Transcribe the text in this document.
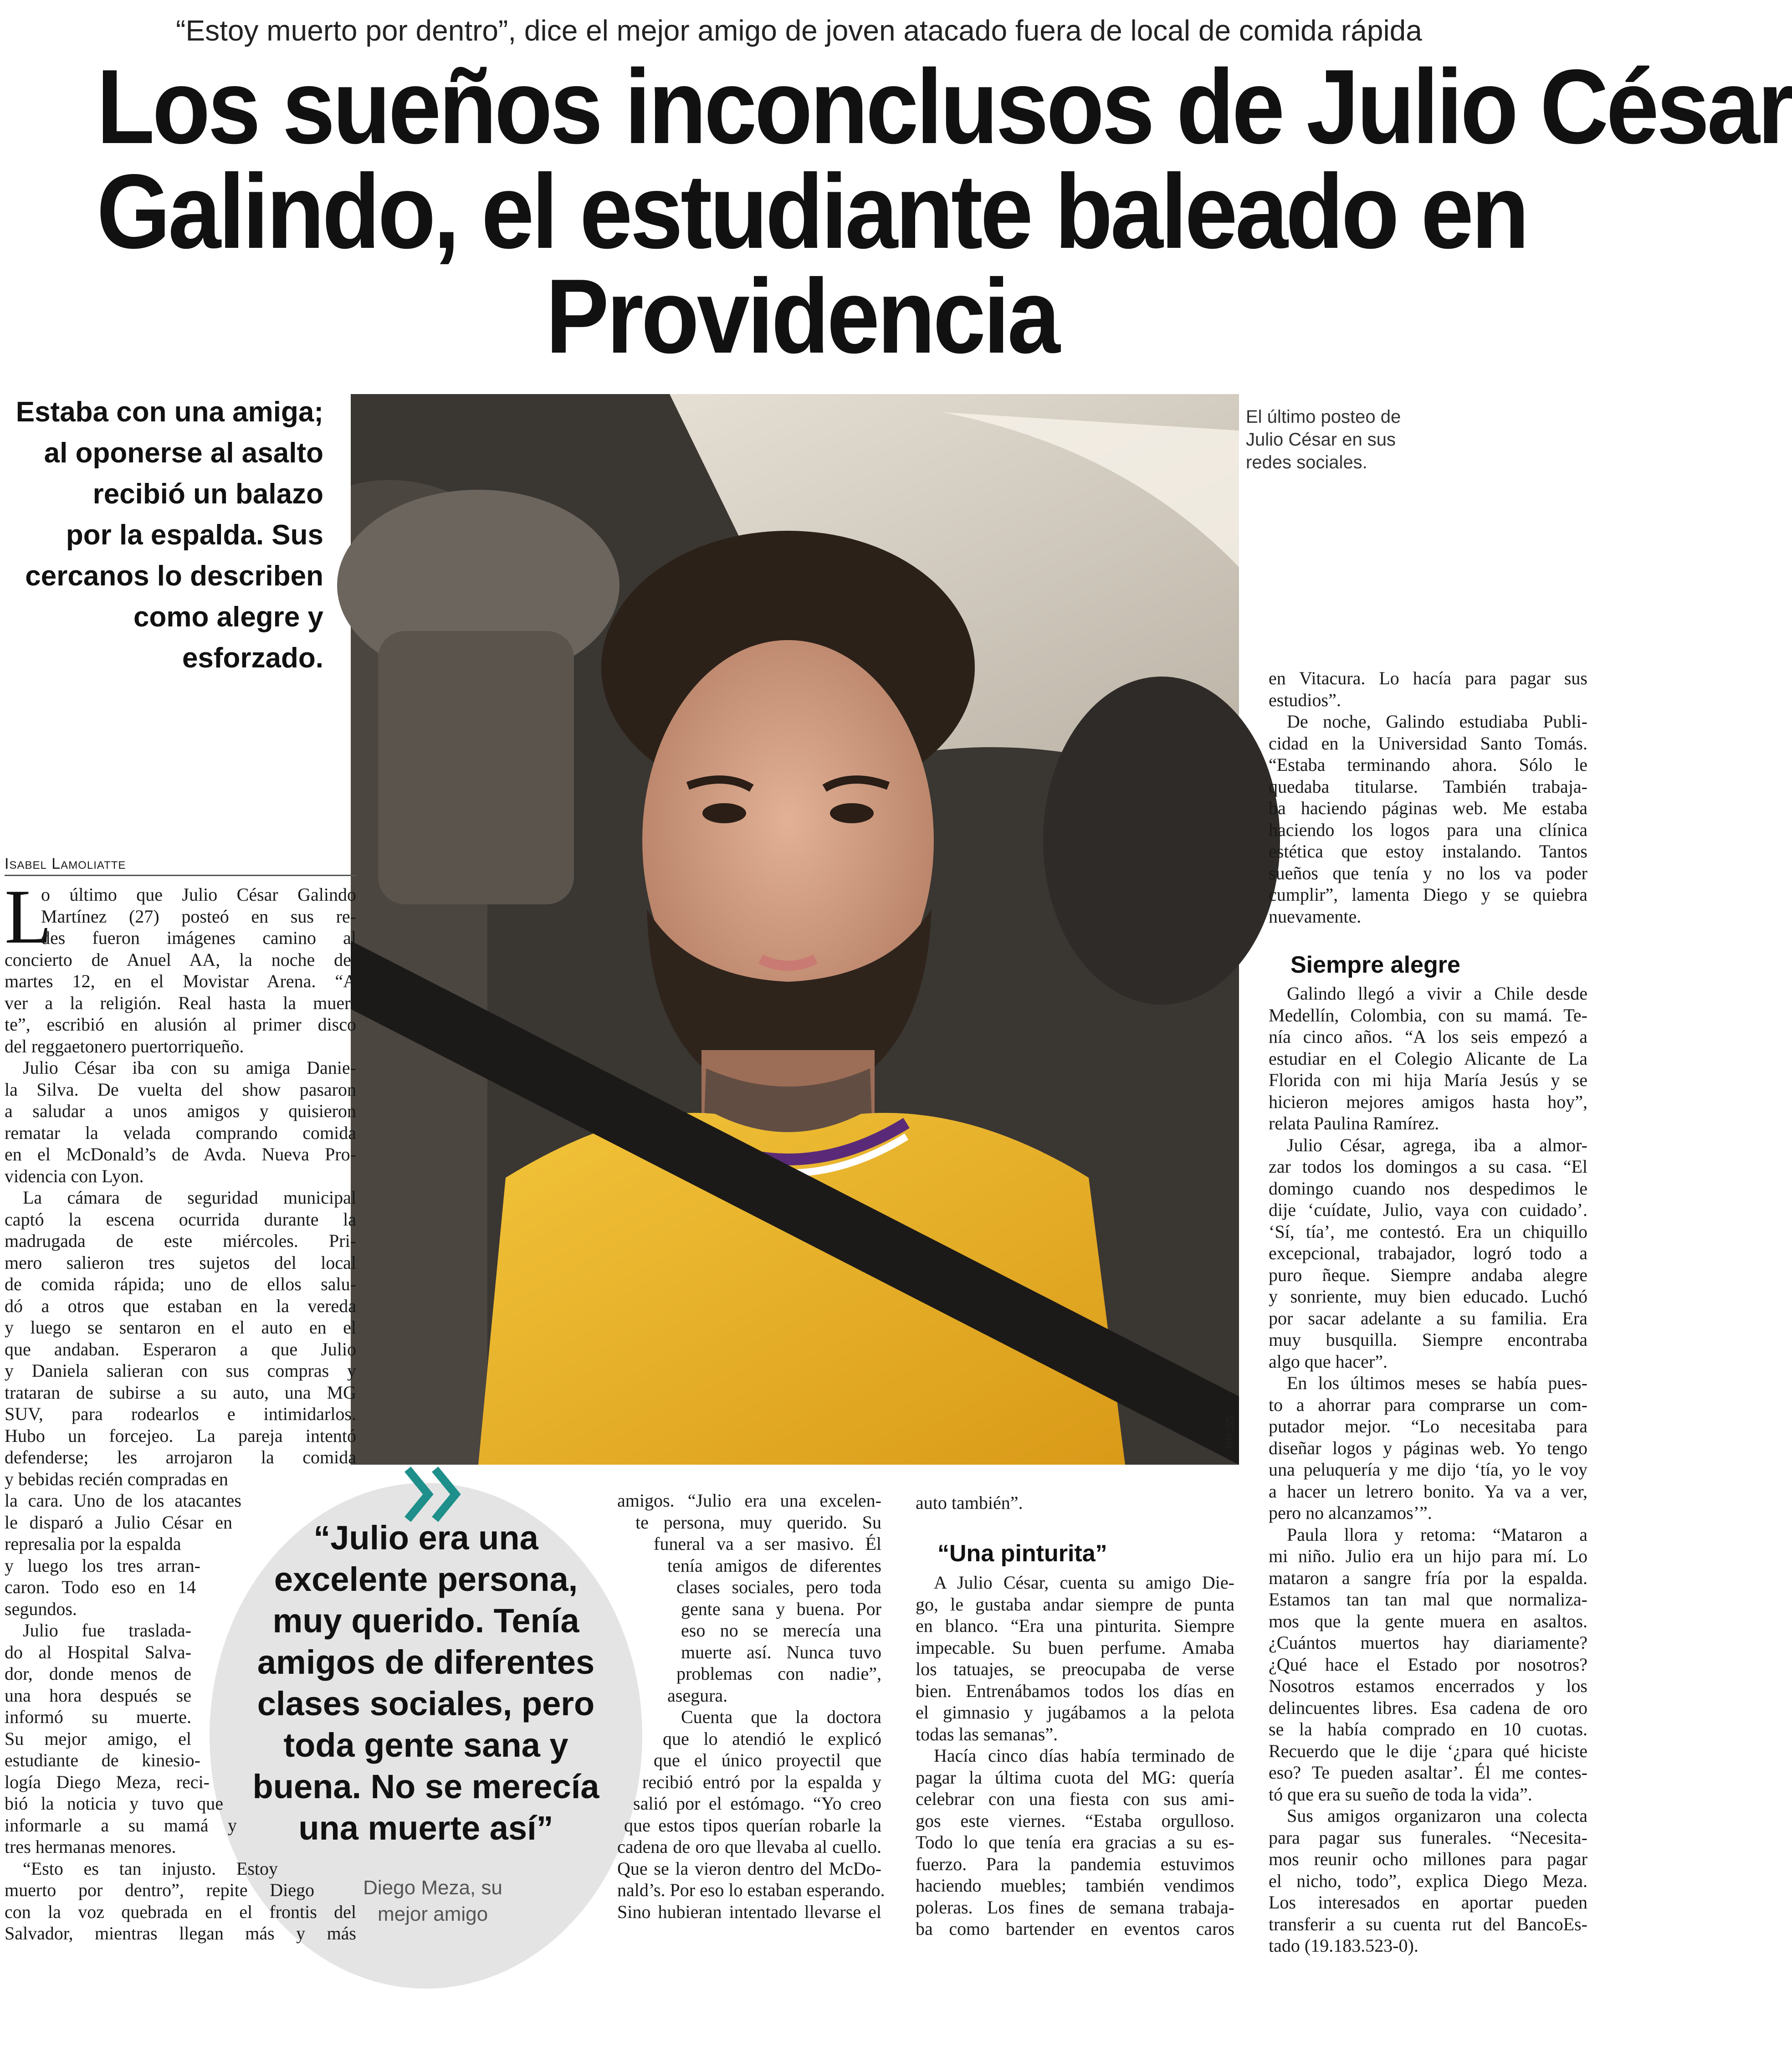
“Estoy muerto por dentro”, dice el mejor amigo de joven atacado fuera de local de comida rápida
Los sueños inconclusos de Julio César
Galindo, el estudiante baleado en
Providencia
Estaba con una amiga;
al oponerse al asalto
recibió un balazo
por la espalda. Sus
cercanos lo describen
como alegre y
esforzado.
El último posteo de
Julio César en sus
redes sociales.
RR.SS.
Isabel Lamoliatte
L
o último que Julio César Galindo
Martínez (27) posteó en sus re-
des fueron imágenes camino al
concierto de Anuel AA, la noche del
martes 12, en el Movistar Arena. “A
ver a la religión. Real hasta la muer-
te”, escribió en alusión al primer disco
del reggaetonero puertorriqueño.
Julio César iba con su amiga Danie-
la Silva. De vuelta del show pasaron
a saludar a unos amigos y quisieron
rematar la velada comprando comida
en el McDonald’s de Avda. Nueva Pro-
videncia con Lyon.
La cámara de seguridad municipal
captó la escena ocurrida durante la
madrugada de este miércoles. Pri-
mero salieron tres sujetos del local
de comida rápida; uno de ellos salu-
dó a otros que estaban en la vereda
y luego se sentaron en el auto en el
que andaban. Esperaron a que Julio
y Daniela salieran con sus compras y
trataran de subirse a su auto, una MG
SUV, para rodearlos e intimidarlos.
Hubo un forcejeo. La pareja intentó
defenderse; les arrojaron la comida
y bebidas recién compradas en
la cara. Uno de los atacantes
le disparó a Julio César en
represalia por la espalda
y luego los tres arran-
caron. Todo eso en 14
segundos.
Julio fue traslada-
do al Hospital Salva-
dor, donde menos de
una hora después se
informó su muerte.
Su mejor amigo, el
estudiante de kinesio-
logía Diego Meza, reci-
bió la noticia y tuvo que
informarle a su mamá y
tres hermanas menores.
“Esto es tan injusto. Estoy
muerto por dentro”, repite Diego
con la voz quebrada en el frontis del
Salvador, mientras llegan más y más
“Julio era una
excelente persona,
muy querido. Tenía
amigos de diferentes
clases sociales, pero
toda gente sana y
buena. No se merecía
una muerte así”
Diego Meza, su
mejor amigo
amigos. “Julio era una excelen-
te persona, muy querido. Su
funeral va a ser masivo. Él
tenía amigos de diferentes
clases sociales, pero toda
gente sana y buena. Por
eso no se merecía una
muerte así. Nunca tuvo
problemas con nadie”,
asegura.
Cuenta que la doctora
que lo atendió le explicó
que el único proyectil que
recibió entró por la espalda y
salió por el estómago. “Yo creo
que estos tipos querían robarle la
cadena de oro que llevaba al cuello.
Que se la vieron dentro del McDo-
nald’s. Por eso lo estaban esperando.
Sino hubieran intentado llevarse el
auto también”.
“Una pinturita”
A Julio César, cuenta su amigo Die-
go, le gustaba andar siempre de punta
en blanco. “Era una pinturita. Siempre
impecable. Su buen perfume. Amaba
los tatuajes, se preocupaba de verse
bien. Entrenábamos todos los días en
el gimnasio y jugábamos a la pelota
todas las semanas”.
Hacía cinco días había terminado de
pagar la última cuota del MG: quería
celebrar con una fiesta con sus ami-
gos este viernes. “Estaba orgulloso.
Todo lo que tenía era gracias a su es-
fuerzo. Para la pandemia estuvimos
haciendo muebles; también vendimos
poleras. Los fines de semana trabaja-
ba como bartender en eventos caros
en Vitacura. Lo hacía para pagar sus
estudios”.
De noche, Galindo estudiaba Publi-
cidad en la Universidad Santo Tomás.
“Estaba terminando ahora. Sólo le
quedaba titularse. También trabaja-
ba haciendo páginas web. Me estaba
haciendo los logos para una clínica
estética que estoy instalando. Tantos
sueños que tenía y no los va poder
cumplir”, lamenta Diego y se quiebra
nuevamente.
Siempre alegre
Galindo llegó a vivir a Chile desde
Medellín, Colombia, con su mamá. Te-
nía cinco años. “A los seis empezó a
estudiar en el Colegio Alicante de La
Florida con mi hija María Jesús y se
hicieron mejores amigos hasta hoy”,
relata Paulina Ramírez.
Julio César, agrega, iba a almor-
zar todos los domingos a su casa. “El
domingo cuando nos despedimos le
dije ‘cuídate, Julio, vaya con cuidado’.
‘Sí, tía’, me contestó. Era un chiquillo
excepcional, trabajador, logró todo a
puro ñeque. Siempre andaba alegre
y sonriente, muy bien educado. Luchó
por sacar adelante a su familia. Era
muy busquilla. Siempre encontraba
algo que hacer”.
En los últimos meses se había pues-
to a ahorrar para comprarse un com-
putador mejor. “Lo necesitaba para
diseñar logos y páginas web. Yo tengo
una peluquería y me dijo ‘tía, yo le voy
a hacer un letrero bonito. Ya va a ver,
pero no alcanzamos’”.
Paula llora y retoma: “Mataron a
mi niño. Julio era un hijo para mí. Lo
mataron a sangre fría por la espalda.
Estamos tan tan mal que normaliza-
mos que la gente muera en asaltos.
¿Cuántos muertos hay diariamente?
¿Qué hace el Estado por nosotros?
Nosotros estamos encerrados y los
delincuentes libres. Esa cadena de oro
se la había comprado en 10 cuotas.
Recuerdo que le dije ‘¿para qué hiciste
eso? Te pueden asaltar’. Él me contes-
tó que era su sueño de toda la vida”.
Sus amigos organizaron una colecta
para pagar sus funerales. “Necesita-
mos reunir ocho millones para pagar
el nicho, todo”, explica Diego Meza.
Los interesados en aportar pueden
transferir a su cuenta rut del BancoEs-
tado (19.183.523-0).
